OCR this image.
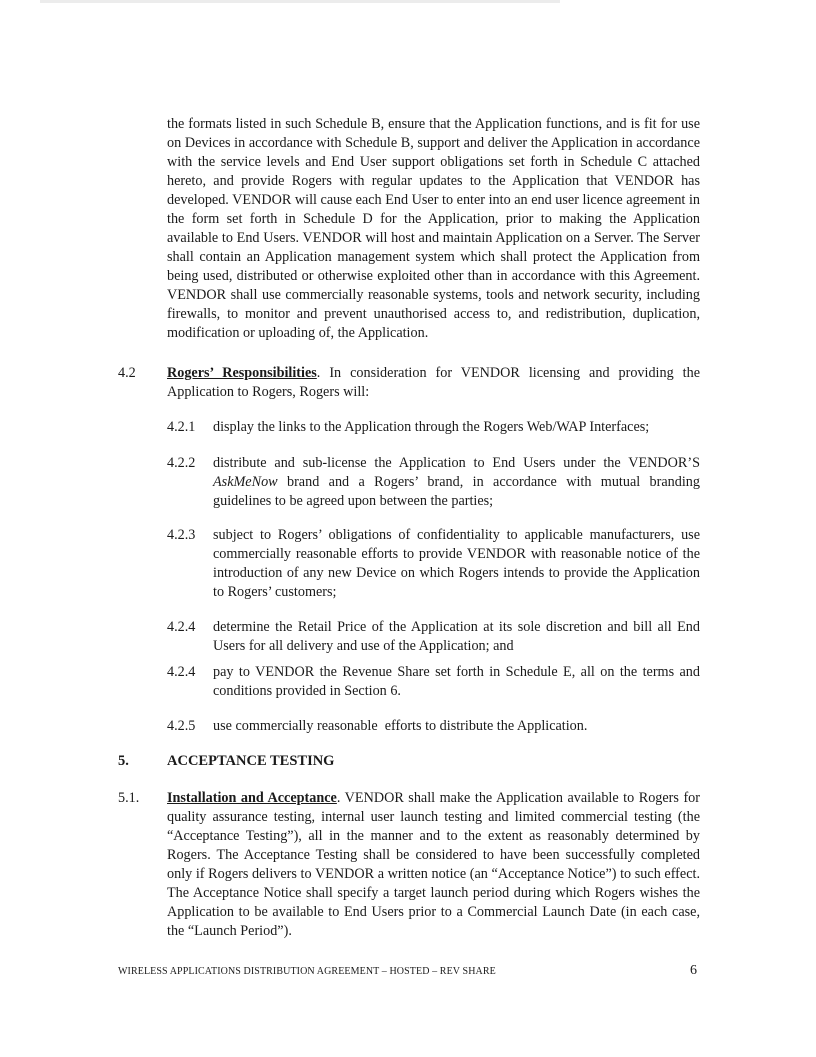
the formats listed in such Schedule B, ensure that the Application functions, and is fit for use on Devices in accordance with Schedule B, support and deliver the Application in accordance with the service levels and End User support obligations set forth in Schedule C attached hereto, and provide Rogers with regular updates to the Application that VENDOR has developed. VENDOR will cause each End User to enter into an end user licence agreement in the form set forth in Schedule D for the Application, prior to making the Application available to End Users. VENDOR will host and maintain Application on a Server. The Server shall contain an Application management system which shall protect the Application from being used, distributed or otherwise exploited other than in accordance with this Agreement. VENDOR shall use commercially reasonable systems, tools and network security, including firewalls, to monitor and prevent unauthorised access to, and redistribution, duplication, modification or uploading of, the Application.

4.2 Rogers’ Responsibilities. In consideration for VENDOR licensing and providing the Application to Rogers, Rogers will:

4.2.1 display the links to the Application through the Rogers Web/WAP Interfaces;

4.2.2 distribute and sub-license the Application to End Users under the VENDOR’S AskMeNow brand and a Rogers’ brand, in accordance with mutual branding guidelines to be agreed upon between the parties;

4.2.3 subject to Rogers’ obligations of confidentiality to applicable manufacturers, use commercially reasonable efforts to provide VENDOR with reasonable notice of the introduction of any new Device on which Rogers intends to provide the Application to Rogers’ customers;

4.2.4 determine the Retail Price of the Application at its sole discretion and bill all End Users for all delivery and use of the Application; and

4.2.4 pay to VENDOR the Revenue Share set forth in Schedule E, all on the terms and conditions provided in Section 6.

4.2.5 use commercially reasonable  efforts to distribute the Application.

5.	ACCEPTANCE TESTING

5.1. Installation and Acceptance. VENDOR shall make the Application available to Rogers for quality assurance testing, internal user launch testing and limited commercial testing (the “Acceptance Testing”), all in the manner and to the extent as reasonably determined by Rogers. The Acceptance Testing shall be considered to have been successfully completed only if Rogers delivers to VENDOR a written notice (an “Acceptance Notice”) to such effect. The Acceptance Notice shall specify a target launch period during which Rogers wishes the Application to be available to End Users prior to a Commercial Launch Date (in each case, the “Launch Period”).

WIRELESS APPLICATIONS DISTRIBUTION AGREEMENT – HOSTED – REV SHARE	6
